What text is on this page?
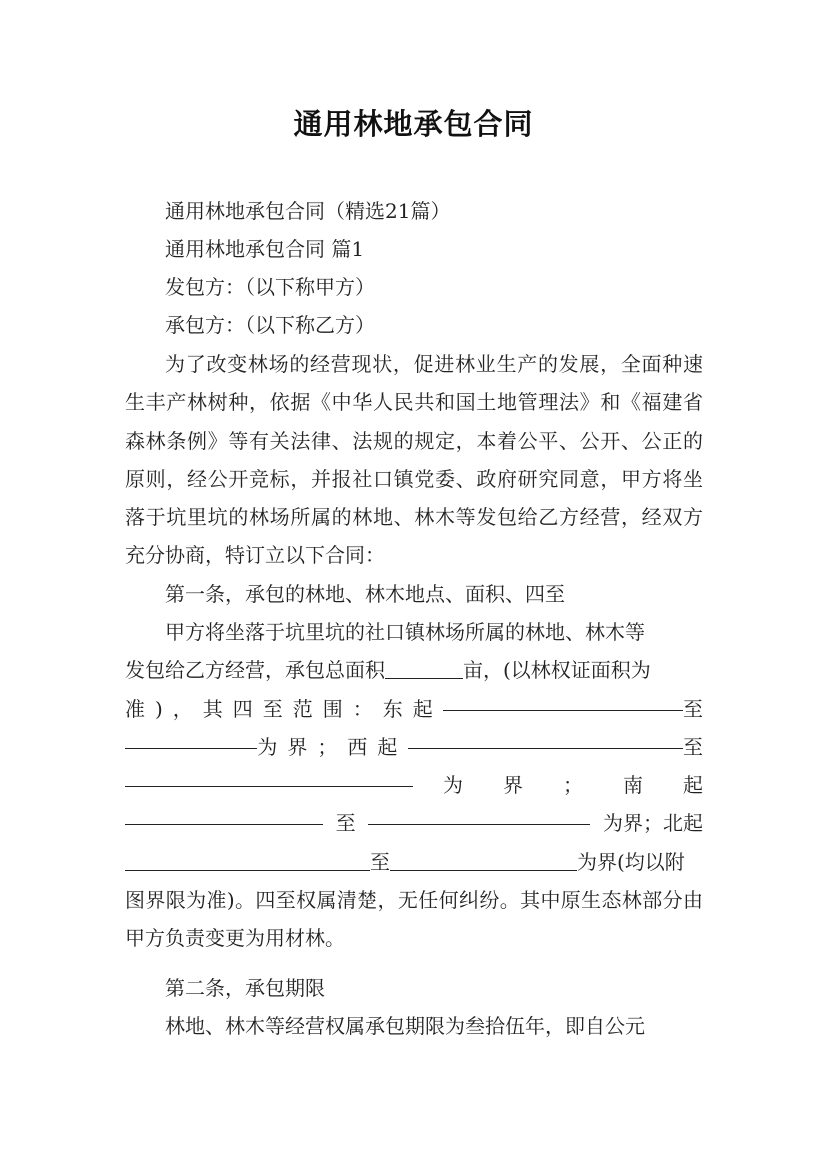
通用林地承包合同

通用林地承包合同（精选21篇）

通用林地承包合同 篇1

发包方：（以下称甲方）

承包方：（以下称乙方）

为了改变林场的经营现状，促进林业生产的发展，全面种速生丰产林树种，依据《中华人民共和国土地管理法》和《福建省森林条例》等有关法律、法规的规定，本着公平、公开、公正的原则，经公开竞标，并报社口镇党委、政府研究同意，甲方将坐落于坑里坑的林场所属的林地、林木等发包给乙方经营，经双方充分协商，特订立以下合同：

第一条，承包的林地、林木地点、面积、四至

甲方将坐落于坑里坑的社口镇林场所属的林地、林木等
发包给乙方经营，承包总面积	亩，(以林权证面积为
准)，其四至范围：东起	至
为界；西起	至
为界；南起
至	为界；北起
至	为界(均以附
图界限为准)。四至权属清楚，无任何纠纷。其中原生态林部分由甲方负责变更为用材林。

第二条，承包期限

林地、林木等经营权属承包期限为叁拾伍年，即自公元
